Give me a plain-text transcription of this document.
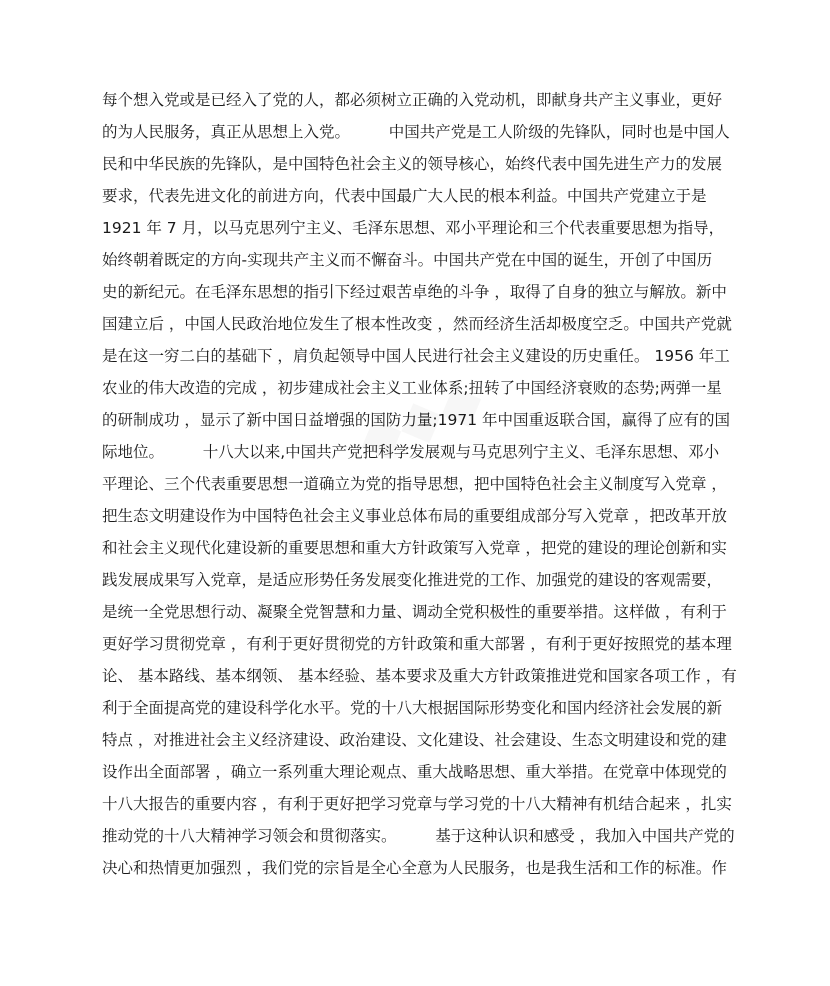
◆◆◆
每个想入党或是已经入了党的人，都必须树立正确的入党动机，即献身共产主义事业，更好
的为人民服务，真正从思想上入党。　　　中国共产党是工人阶级的先锋队，同时也是中国人
民和中华民族的先锋队，是中国特色社会主义的领导核心，始终代表中国先进生产力的发展
要求，代表先进文化的前进方向，代表中国最广大人民的根本利益。中国共产党建立于是
1921 年 7 月，以马克思列宁主义、毛泽东思想、邓小平理论和三个代表重要思想为指导，
始终朝着既定的方向-实现共产主义而不懈奋斗。中国共产党在中国的诞生，开创了中国历
史的新纪元。在毛泽东思想的指引下经过艰苦卓绝的斗争 ，取得了自身的独立与解放。新中
国建立后 ，中国人民政治地位发生了根本性改变 ，然而经济生活却极度空乏。中国共产党就
是在这一穷二白的基础下 ，肩负起领导中国人民进行社会主义建设的历史重任。 1956 年工
农业的伟大改造的完成 ，初步建成社会主义工业体系;扭转了中国经济衰败的态势;两弹一星
的研制成功 ，显示了新中国日益增强的国防力量;1971 年中国重返联合国，赢得了应有的国
际地位。　　　十八大以来,中国共产党把科学发展观与马克思列宁主义、毛泽东思想、邓小
平理论、三个代表重要思想一道确立为党的指导思想，把中国特色社会主义制度写入党章 ，
把生态文明建设作为中国特色社会主义事业总体布局的重要组成部分写入党章 ，把改革开放
和社会主义现代化建设新的重要思想和重大方针政策写入党章 ，把党的建设的理论创新和实
践发展成果写入党章，是适应形势任务发展变化推进党的工作、加强党的建设的客观需要，
是统一全党思想行动、凝聚全党智慧和力量、调动全党积极性的重要举措。这样做 ，有利于
更好学习贯彻党章 ，有利于更好贯彻党的方针政策和重大部署 ，有利于更好按照党的基本理
论、 基本路线、基本纲领、 基本经验、基本要求及重大方针政策推进党和国家各项工作 ，有
利于全面提高党的建设科学化水平。党的十八大根据国际形势变化和国内经济社会发展的新
特点 ，对推进社会主义经济建设、政治建设、文化建设、社会建设、生态文明建设和党的建
设作出全面部署 ，确立一系列重大理论观点、重大战略思想、重大举措。在党章中体现党的
十八大报告的重要内容 ，有利于更好把学习党章与学习党的十八大精神有机结合起来 ，扎实
推动党的十八大精神学习领会和贯彻落实。　　　基于这种认识和感受 ，我加入中国共产党的
决心和热情更加强烈 ，我们党的宗旨是全心全意为人民服务，也是我生活和工作的标准。作
